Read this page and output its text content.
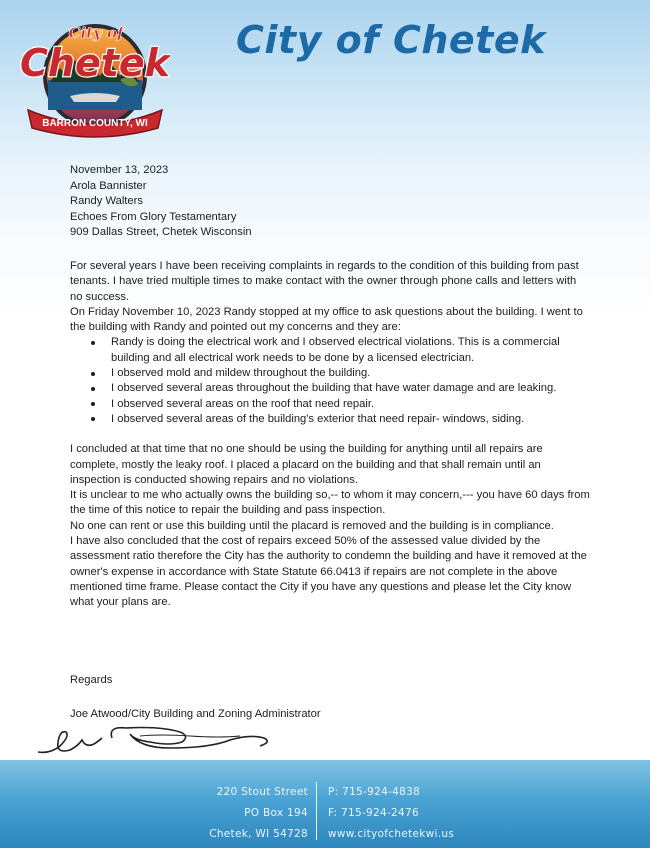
BARRON COUNTY, WI
City of
Chetek
City of Chetek
November 13, 2023
Arola Bannister
Randy Walters
Echoes From Glory Testamentary
909 Dallas Street, Chetek Wisconsin

For several years I have been receiving complaints in regards to the condition of this building from past tenants. I have tried multiple times to make contact with the owner through phone calls and letters with no success.

On Friday November 10, 2023 Randy stopped at my office to ask questions about the building. I went to the building with Randy and pointed out my concerns and they are:

Randy is doing the electrical work and I observed electrical violations. This is a commercial building and all electrical work needs to be done by a licensed electrician.
I observed mold and mildew throughout the building.
I observed several areas throughout the building that have water damage and are leaking.
I observed several areas on the roof that need repair.
I observed several areas of the building's exterior that need repair- windows, siding.

I concluded at that time that no one should be using the building for anything until all repairs are complete, mostly the leaky roof. I placed a placard on the building and that shall remain until an inspection is conducted showing repairs and no violations.

It is unclear to me who actually owns the building so,-- to whom it may concern,--- you have 60 days from the time of this notice to repair the building and pass inspection.

No one can rent or use this building until the placard is removed and the building is in compliance.

I have also concluded that the cost of repairs exceed 50% of the assessed value divided by the assessment ratio therefore the City has the authority to condemn the building and have it removed at the owner's expense in accordance with State Statute 66.0413 if repairs are not complete in the above mentioned time frame. Please contact the City if you have any questions and please let the City know what your plans are.

Regards
Joe Atwood/City Building and Zoning Administrator
220 Stout Street
PO Box 194
Chetek, WI 54728
P: 715-924-4838
F: 715-924-2476
www.cityofchetekwi.us
